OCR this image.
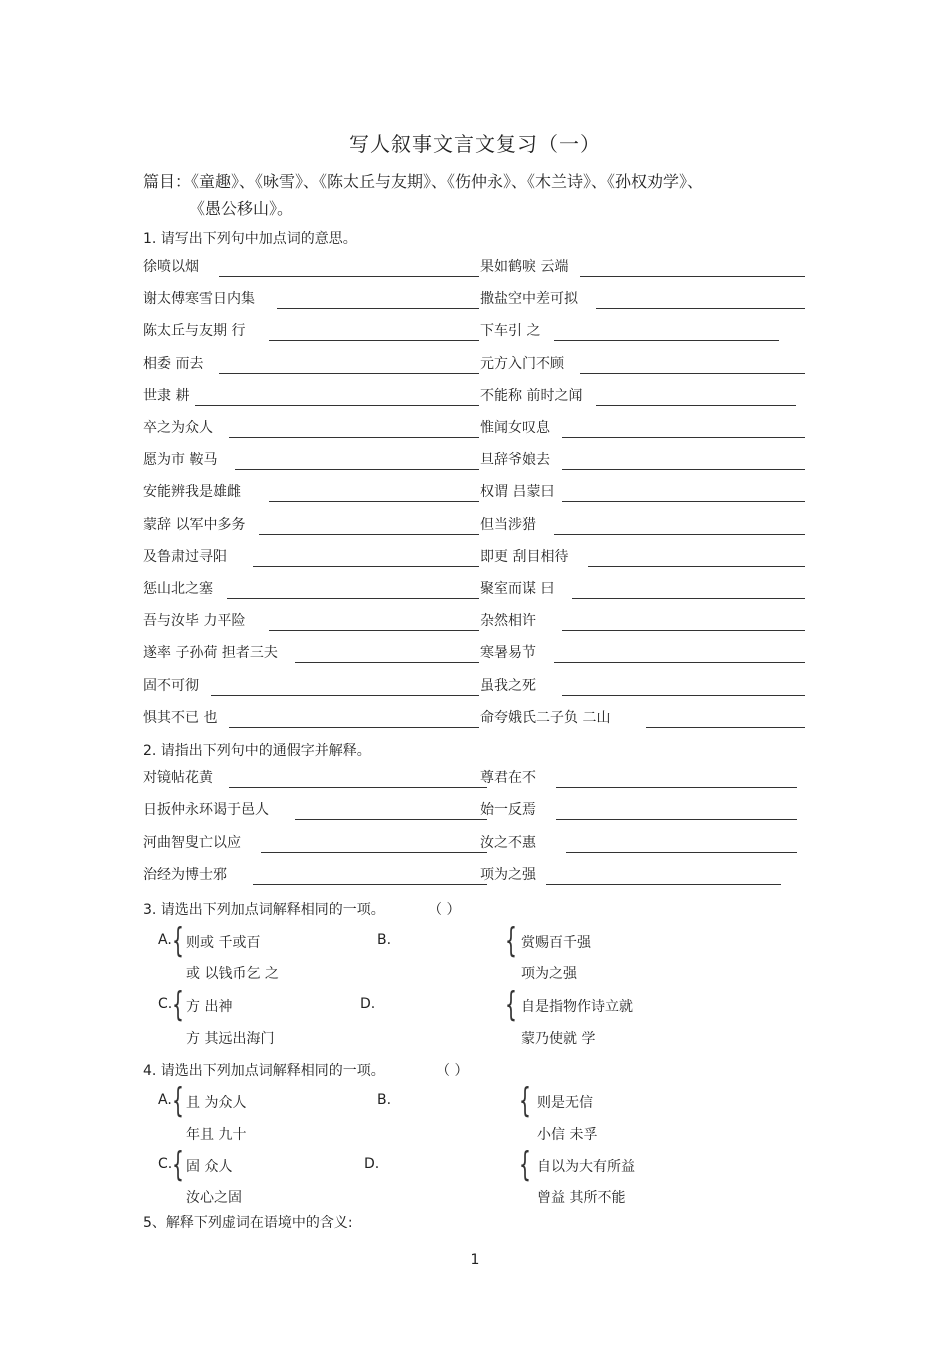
写人叙事文言文复习（一）
篇目：《童趣》、《咏雪》、《陈太丘与友期》、《伤仲永》、《木兰诗》、《孙权劝学》、
《愚公移山》。
1. 请写出下列句中加点词的意思。
徐喷以烟	果如鹤唳 云端
谢太傅寒雪日内集	撒盐空中差可拟
陈太丘与友期 行	下车引 之
相委 而去	元方入门不顾
世隶 耕	不能称 前时之闻
卒之为众人	惟闻女叹息
愿为市 鞍马	旦辞爷娘去
安能辨我是雄雌	权谓 吕蒙曰
蒙辞 以军中多务	但当涉猎
及鲁肃过寻阳	即更 刮目相待
惩山北之塞	聚室而谋 曰
吾与汝毕 力平险	杂然相许
遂率 子孙荷 担者三夫	寒暑易节
固不可彻	虽我之死
惧其不已 也	命夸娥氏二子负 二山
2. 请指出下列句中的通假字并解释。
对镜帖花黄	尊君在不
日扳仲永环谒于邑人	始一反焉
河曲智叟亡以应	汝之不惠
治经为博士邪	项为之强
3. 请选出下列加点词解释相同的一项。	（ ）
A. { 则或 千或百
或 以钱币乞 之
B.	{ 赏赐百千强
项为之强
C. { 方 出神
方 其远出海门
D.	{ 自是指物作诗立就
蒙乃使就 学
4. 请选出下列加点词解释相同的一项。	（ ）
A. { 且 为众人
年且 九十
B.	{ 则是无信
小信 未孚
C. { 固 众人
汝心之固
D.	{ 自以为大有所益
曾益 其所不能
5、解释下列虚词在语境中的含义:
1
